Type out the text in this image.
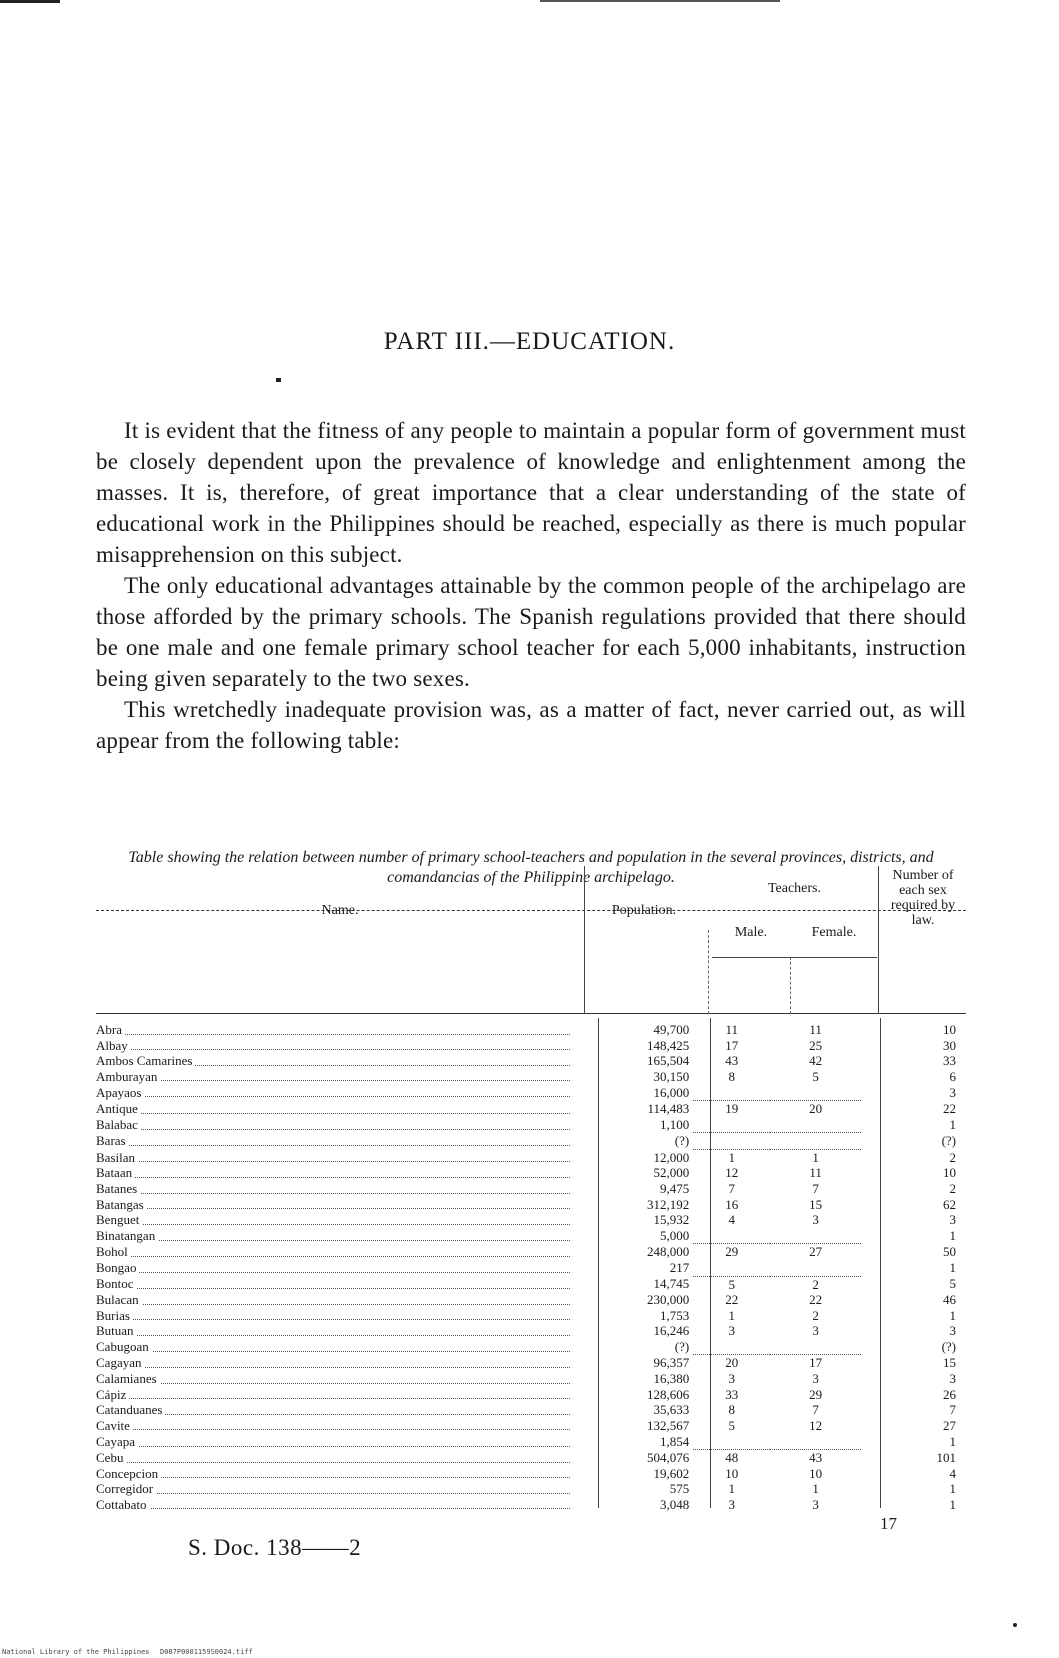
PART III.—EDUCATION.

It is evident that the fitness of any people to maintain a popular form of government must be closely dependent upon the prevalence of knowledge and enlightenment among the masses. It is, therefore, of great importance that a clear understanding of the state of educational work in the Philippines should be reached, especially as there is much popular misapprehension on this subject.

The only educational advantages attainable by the common people of the archipelago are those afforded by the primary schools. The Spanish regulations provided that there should be one male and one female primary school teacher for each 5,000 inhabitants, instruction being given separately to the two sexes.

This wretchedly inadequate provision was, as a matter of fact, never carried out, as will appear from the following table:

Table showing the relation between number of primary school-teachers and population in the several provinces, districts, and comandancias of the Philippine archipelago.
Name.	Population.
Teachers.
Male.	Female.
Number of each sex required by law.
Abra	49,700	11	11	10

Albay	148,425	17	25	30

Ambos Camarines	165,504	43	42	33

Amburayan	30,150	8	5	6

Apayaos	16,000			3

Antique	114,483	19	20	22

Balabac	1,100			1

Baras	(?)			(?)

Basilan	12,000	1	1	2

Bataan	52,000	12	11	10

Batanes	9,475	7	7	2

Batangas	312,192	16	15	62

Benguet	15,932	4	3	3

Binatangan	5,000			1

Bohol	248,000	29	27	50

Bongao	217			1

Bontoc	14,745	5	2	5

Bulacan	230,000	22	22	46

Burias	1,753	1	2	1

Butuan	16,246	3	3	3

Cabugoan	(?)			(?)

Cagayan	96,357	20	17	15

Calamianes	16,380	3	3	3

Cápiz	128,606	33	29	26

Catanduanes	35,633	8	7	7

Cavite	132,567	5	12	27

Cayapa	1,854			1

Cebu	504,076	48	43	101

Concepcion	19,602	10	10	4

Corregidor	575	1	1	1

Cottabato	3,048	3	3	1
17
S. Doc. 138——2
National Library of the Philippines D087P0001159S0024.tiff
